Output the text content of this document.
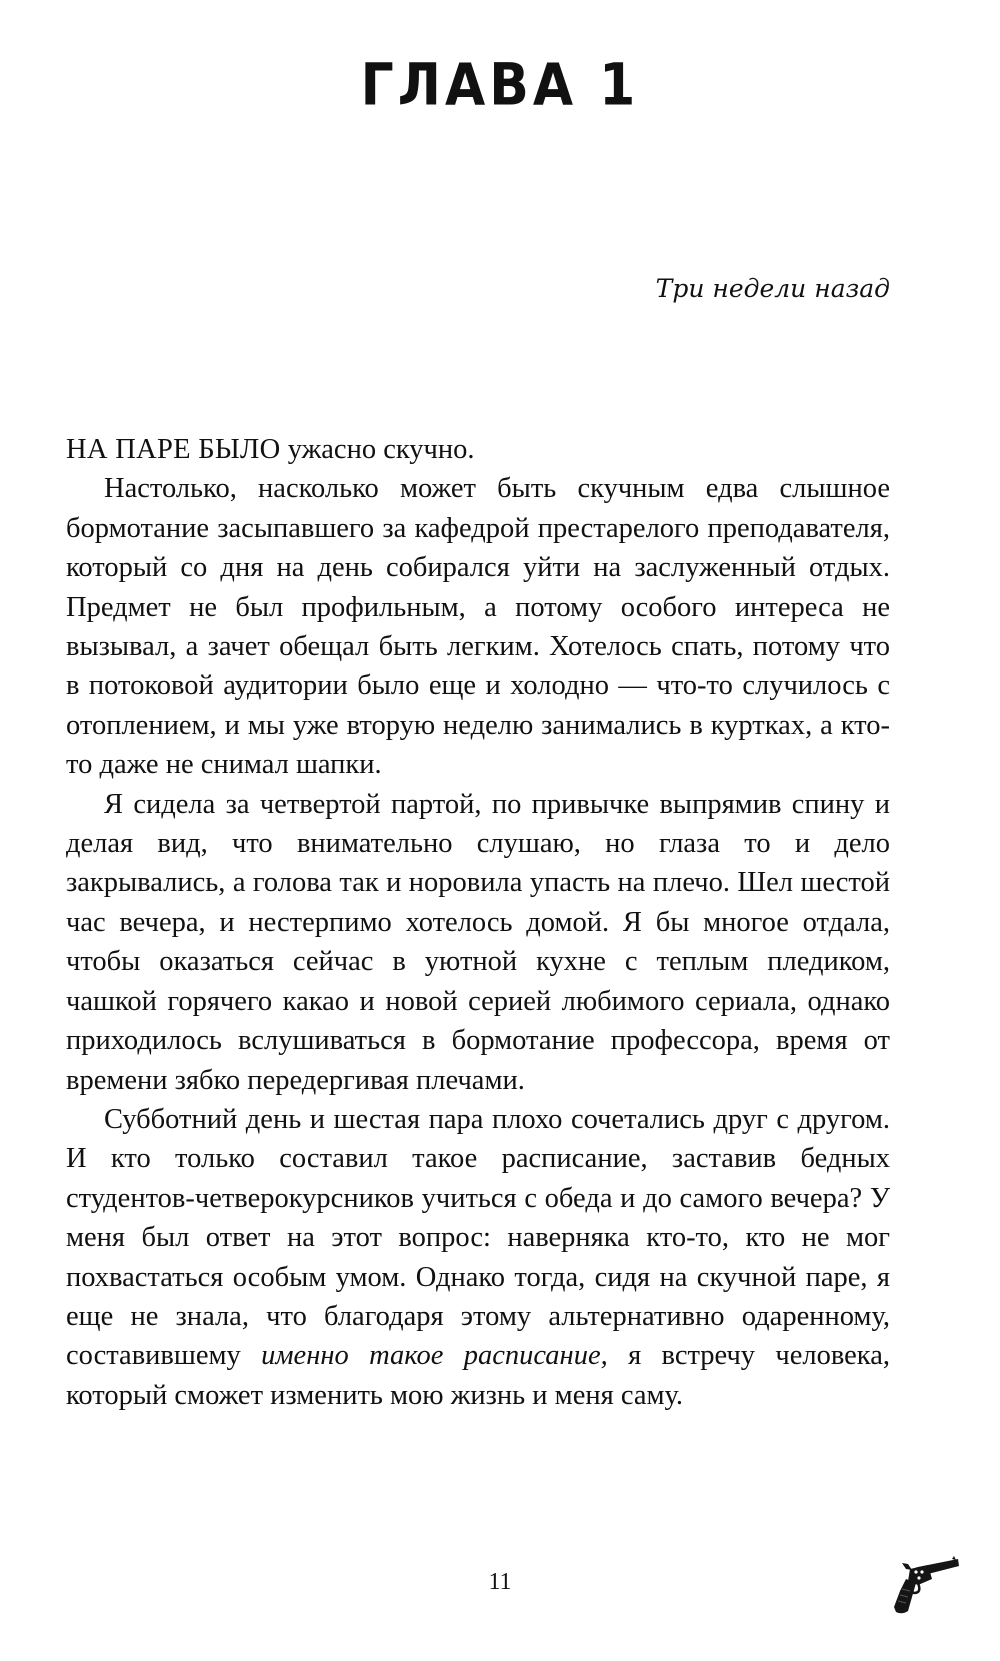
ГЛАВА 1

Три недели назад

НА ПАРЕ БЫЛО ужасно скучно.

Настолько, насколько может быть скучным едва слышное бормотание засыпавшего за кафедрой престарелого преподавателя, который со дня на день собирался уйти на заслуженный отдых. Предмет не был профильным, а потому особого интереса не вызывал, а зачет обещал быть легким. Хотелось спать, потому что в потоковой аудитории было еще и холодно — что-то случилось с отоплением, и мы уже вторую неделю занимались в куртках, а кто-то даже не снимал шапки.

Я сидела за четвертой партой, по привычке выпрямив спину и делая вид, что внимательно слушаю, но глаза то и дело закрывались, а голова так и норовила упасть на плечо. Шел шестой час вечера, и нестерпимо хотелось домой. Я бы многое отдала, чтобы оказаться сейчас в уютной кухне с теплым пледиком, чашкой горячего какао и новой серией любимого сериала, однако приходилось вслушиваться в бормотание профессора, время от времени зябко передергивая плечами.

Субботний день и шестая пара плохо сочетались друг с другом. И кто только составил такое расписание, заставив бедных студентов-четверокурсников учиться с обеда и до самого вечера? У меня был ответ на этот вопрос: наверняка кто-то, кто не мог похвастаться особым умом. Однако тогда, сидя на скучной паре, я еще не знала, что благодаря этому альтернативно одаренному, составившему именно такое расписание, я встречу человека, который сможет изменить мою жизнь и меня саму.

11
